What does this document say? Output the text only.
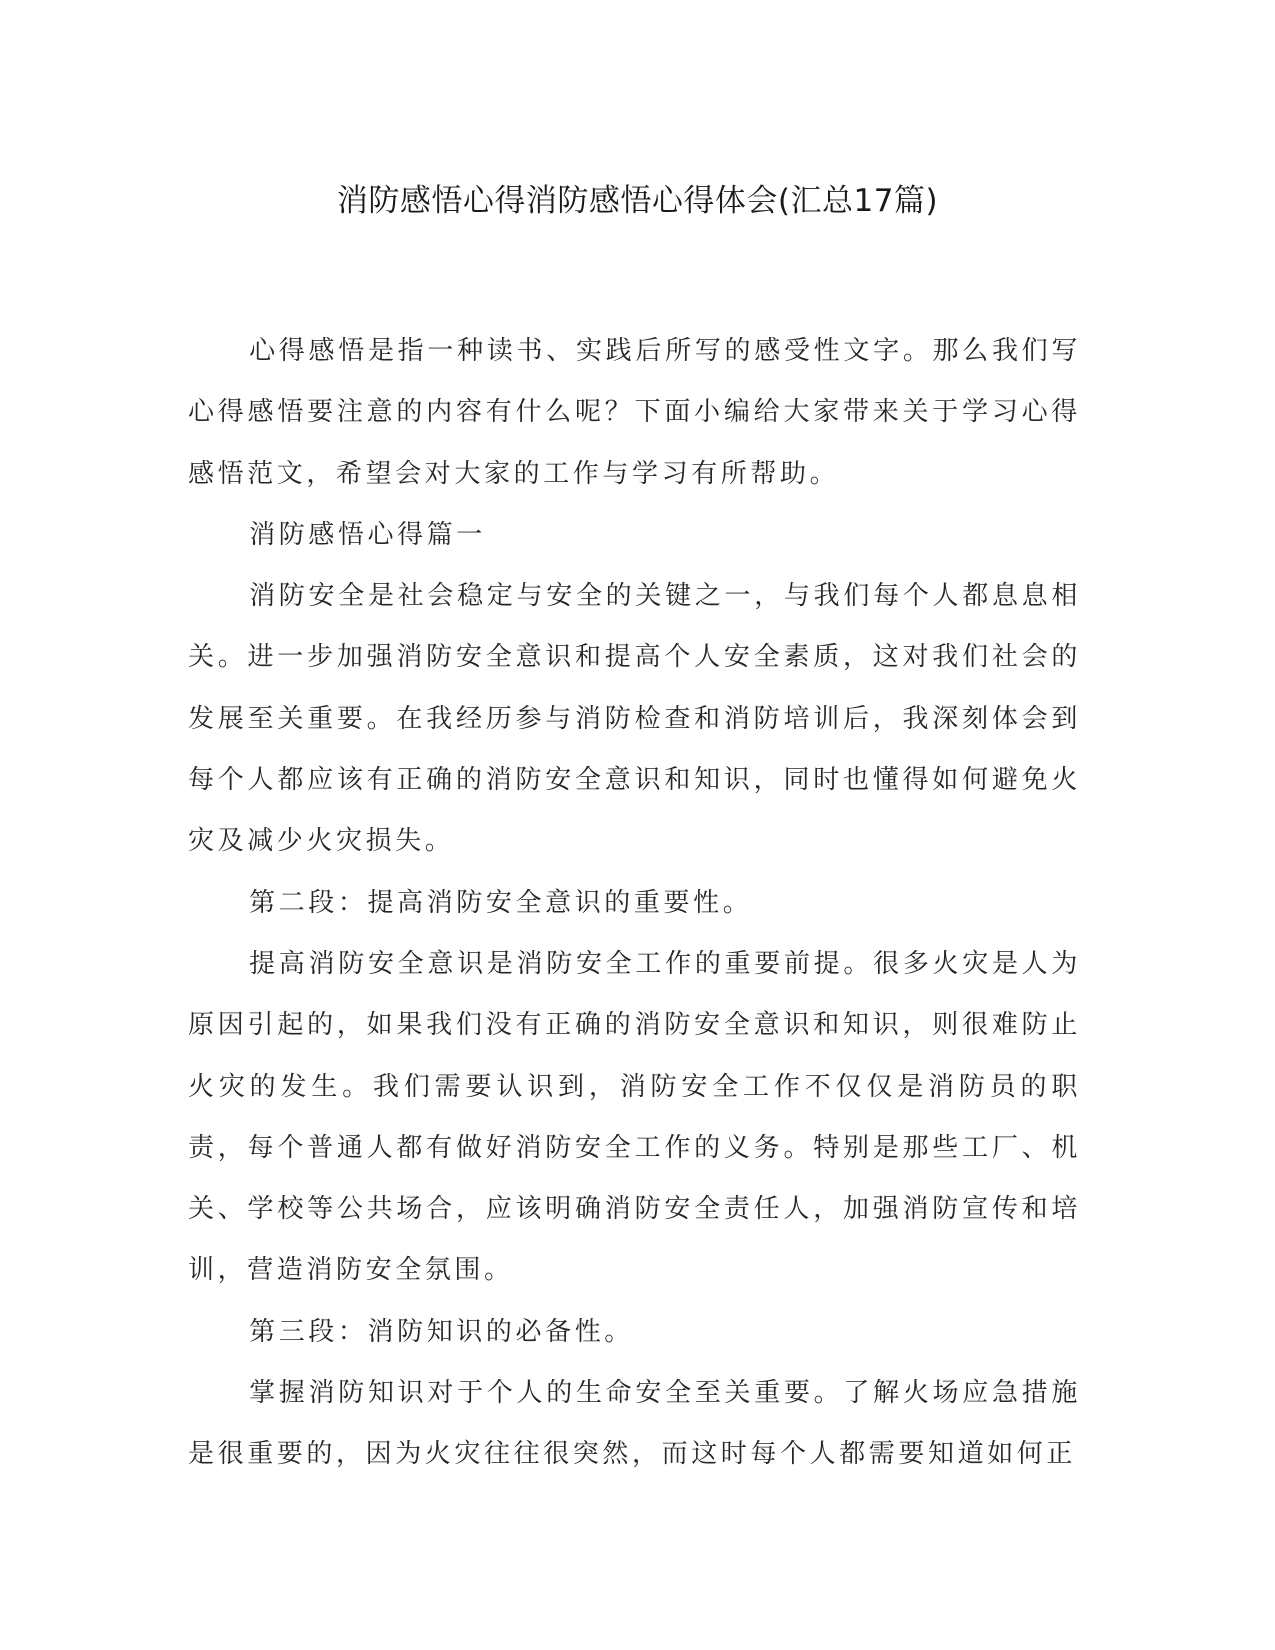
消防感悟心得消防感悟心得体会(汇总17篇)

心得感悟是指一种读书、实践后所写的感受性文字。那么我们写心得感悟要注意的内容有什么呢？下面小编给大家带来关于学习心得感悟范文，希望会对大家的工作与学习有所帮助。

消防感悟心得篇一

消防安全是社会稳定与安全的关键之一，与我们每个人都息息相关。进一步加强消防安全意识和提高个人安全素质，这对我们社会的发展至关重要。在我经历参与消防检查和消防培训后，我深刻体会到每个人都应该有正确的消防安全意识和知识，同时也懂得如何避免火灾及减少火灾损失。

第二段：提高消防安全意识的重要性。

提高消防安全意识是消防安全工作的重要前提。很多火灾是人为原因引起的，如果我们没有正确的消防安全意识和知识，则很难防止火灾的发生。我们需要认识到，消防安全工作不仅仅是消防员的职责，每个普通人都有做好消防安全工作的义务。特别是那些工厂、机关、学校等公共场合，应该明确消防安全责任人，加强消防宣传和培训，营造消防安全氛围。

第三段：消防知识的必备性。

掌握消防知识对于个人的生命安全至关重要。了解火场应急措施是很重要的，因为火灾往往很突然，而这时每个人都需要知道如何正
